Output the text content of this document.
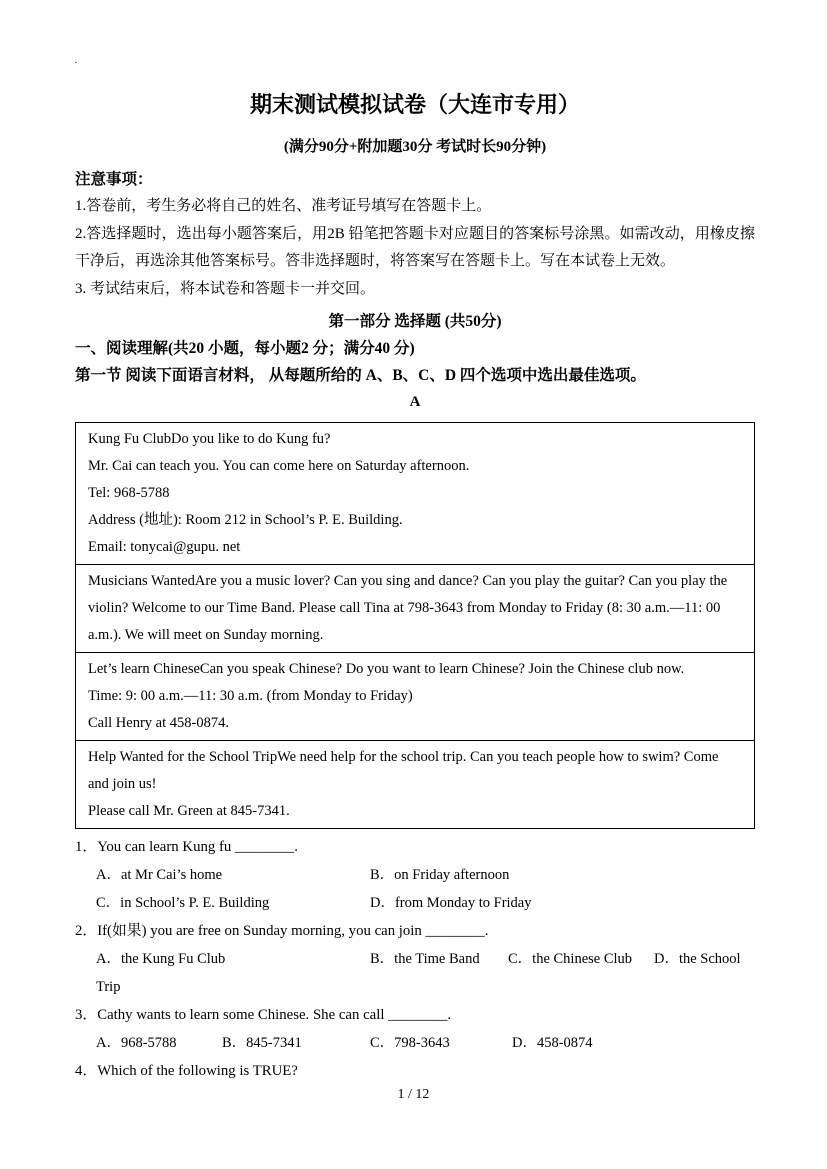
·
期末测试模拟试卷（大连市专用）
(满分90分+附加题30分 考试时长90分钟)
注意事项：

1.答卷前，考生务必将自己的姓名、准考证号填写在答题卡上。

2.答选择题时，选出每小题答案后，用2B 铅笔把答题卡对应题目的答案标号涂黑。如需改动，用橡皮擦干净后，再选涂其他答案标号。答非选择题时，将答案写在答题卡上。写在本试卷上无效。

3. 考试结束后，将本试卷和答题卡一并交回。

第一部分 选择题 (共50分)
一、阅读理解(共20 小题，每小题2 分；满分40 分)
第一节 阅读下面语言材料， 从每题所给的 A、B、C、D 四个选项中选出最佳选项。
A
Kung Fu ClubDo you like to do Kung fu?
Mr. Cai can teach you. You can come here on Saturday afternoon.
Tel: 968-5788
Address (地址): Room 212 in School’s P. E. Building.
Email: tonycai@gupu. net
Musicians WantedAre you a music lover? Can you sing and dance? Can you play the guitar? Can you play the violin? Welcome to our Time Band. Please call Tina at 798-3643 from Monday to Friday (8: 30 a.m.—11: 00 a.m.). We will meet on Sunday morning.
Let’s learn ChineseCan you speak Chinese? Do you want to learn Chinese? Join the Chinese club now.
Time: 9: 00 a.m.—11: 30 a.m. (from Monday to Friday)
Call Henry at 458-0874.
Help Wanted for the School TripWe need help for the school trip. Can you teach people how to swim? Come and join us!
Please call Mr. Green at 845-7341.

1．You can learn Kung fu ________.

A．at Mr Cai’s home	B．on Friday afternoon
C．in School’s P. E. Building	D．from Monday to Friday

2．If(如果) you are free on Sunday morning, you can join ________.

A．the Kung Fu Club	B．the Time Band C．the Chinese Club D．the School Trip

3．Cathy wants to learn some Chinese. She can call ________.

A．968-5788	B．845-7341	C．798-3643	D．458-0874

4．Which of the following is TRUE?

1 / 12
